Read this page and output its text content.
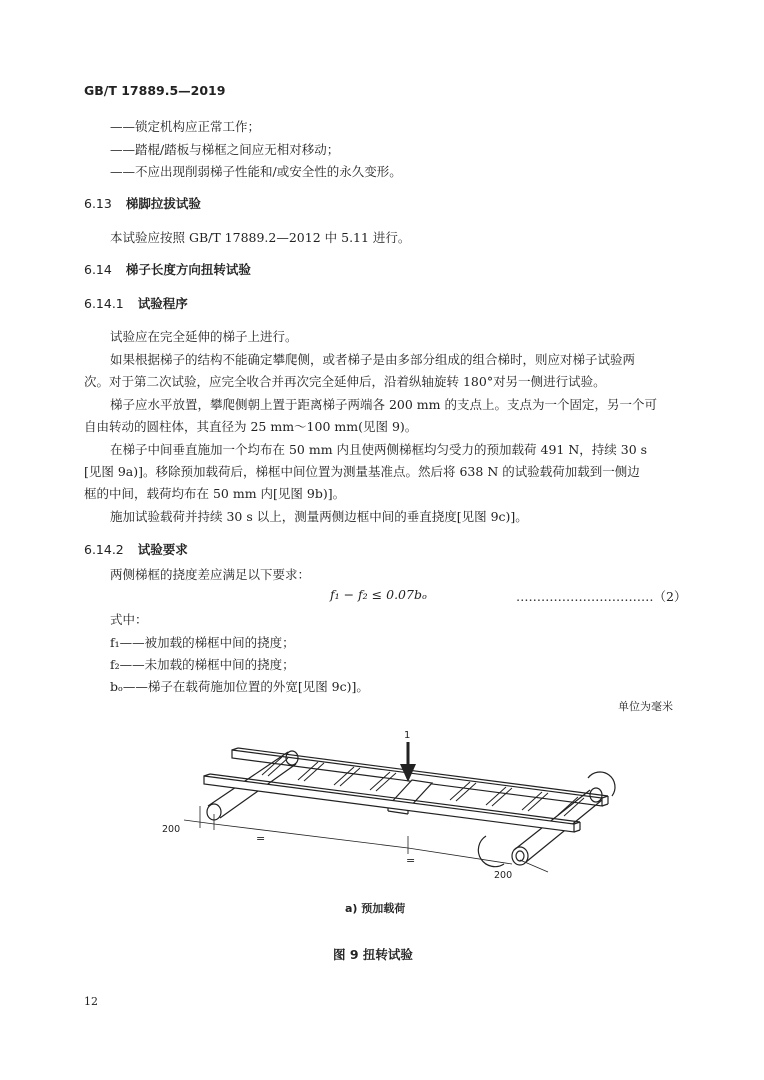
GB/T 17889.5—2019
——锁定机构应正常工作；
——踏棍/踏板与梯框之间应无相对移动；
——不应出现削弱梯子性能和/或安全性的永久变形。
6.13 梯脚拉拔试验
本试验应按照 GB/T 17889.2—2012 中 5.11 进行。
6.14 梯子长度方向扭转试验
6.14.1 试验程序
试验应在完全延伸的梯子上进行。
如果根据梯子的结构不能确定攀爬侧，或者梯子是由多部分组成的组合梯时，则应对梯子试验两
次。对于第二次试验，应完全收合并再次完全延伸后，沿着纵轴旋转 180°对另一侧进行试验。
梯子应水平放置，攀爬侧朝上置于距离梯子两端各 200 mm 的支点上。支点为一个固定，另一个可
自由转动的圆柱体，其直径为 25 mm～100 mm(见图 9)。
在梯子中间垂直施加一个均布在 50 mm 内且使两侧梯框均匀受力的预加载荷 491 N，持续 30 s
[见图 9a)]。移除预加载荷后，梯框中间位置为测量基准点。然后将 638 N 的试验载荷加载到一侧边
框的中间，载荷均布在 50 mm 内[见图 9b)]。
施加试验载荷并持续 30 s 以上，测量两侧边框中间的垂直挠度[见图 9c)]。
6.14.2 试验要求
两侧梯框的挠度差应满足以下要求：
f₁ − f₂ ≤ 0.07bₒ	……………………………（2）
式中：
f₁——被加载的梯框中间的挠度；
f₂——未加载的梯框中间的挠度；
bₒ——梯子在载荷施加位置的外宽[见图 9c)]。
单位为毫米
1
200
200
=
=
a) 预加载荷
图 9 扭转试验
12
